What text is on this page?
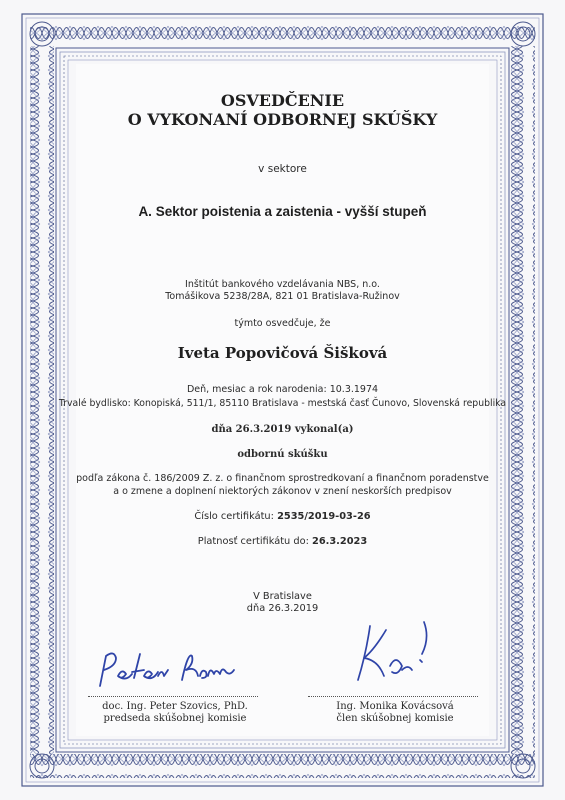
OSVEDČENIE
O VYKONANÍ ODBORNEJ SKÚŠKY
v sektore
A. Sektor poistenia a zaistenia - vyšší stupeň
Inštitút bankového vzdelávania NBS, n.o.
Tomášikova 5238/28A, 821 01 Bratislava-Ružinov
týmto osvedčuje, že
Iveta Popovičová Šišková
Deň, mesiac a rok narodenia: 10.3.1974
Trvalé bydlisko: Konopiská, 511/1, 85110 Bratislava - mestská časť Čunovo, Slovenská republika
dňa 26.3.2019 vykonal(a)
odbornú skúšku
podľa zákona č. 186/2009 Z. z. o finančnom sprostredkovaní a finančnom poradenstve
a o zmene a doplnení niektorých zákonov v znení neskorších predpisov
Číslo certifikátu: 2535/2019-03-26
Platnosť certifikátu do: 26.3.2023
V Bratislave
dňa 26.3.2019
doc. Ing. Peter Szovics, PhD.
predseda skúšobnej komisie
Ing. Monika Kovácsová
člen skúšobnej komisie
